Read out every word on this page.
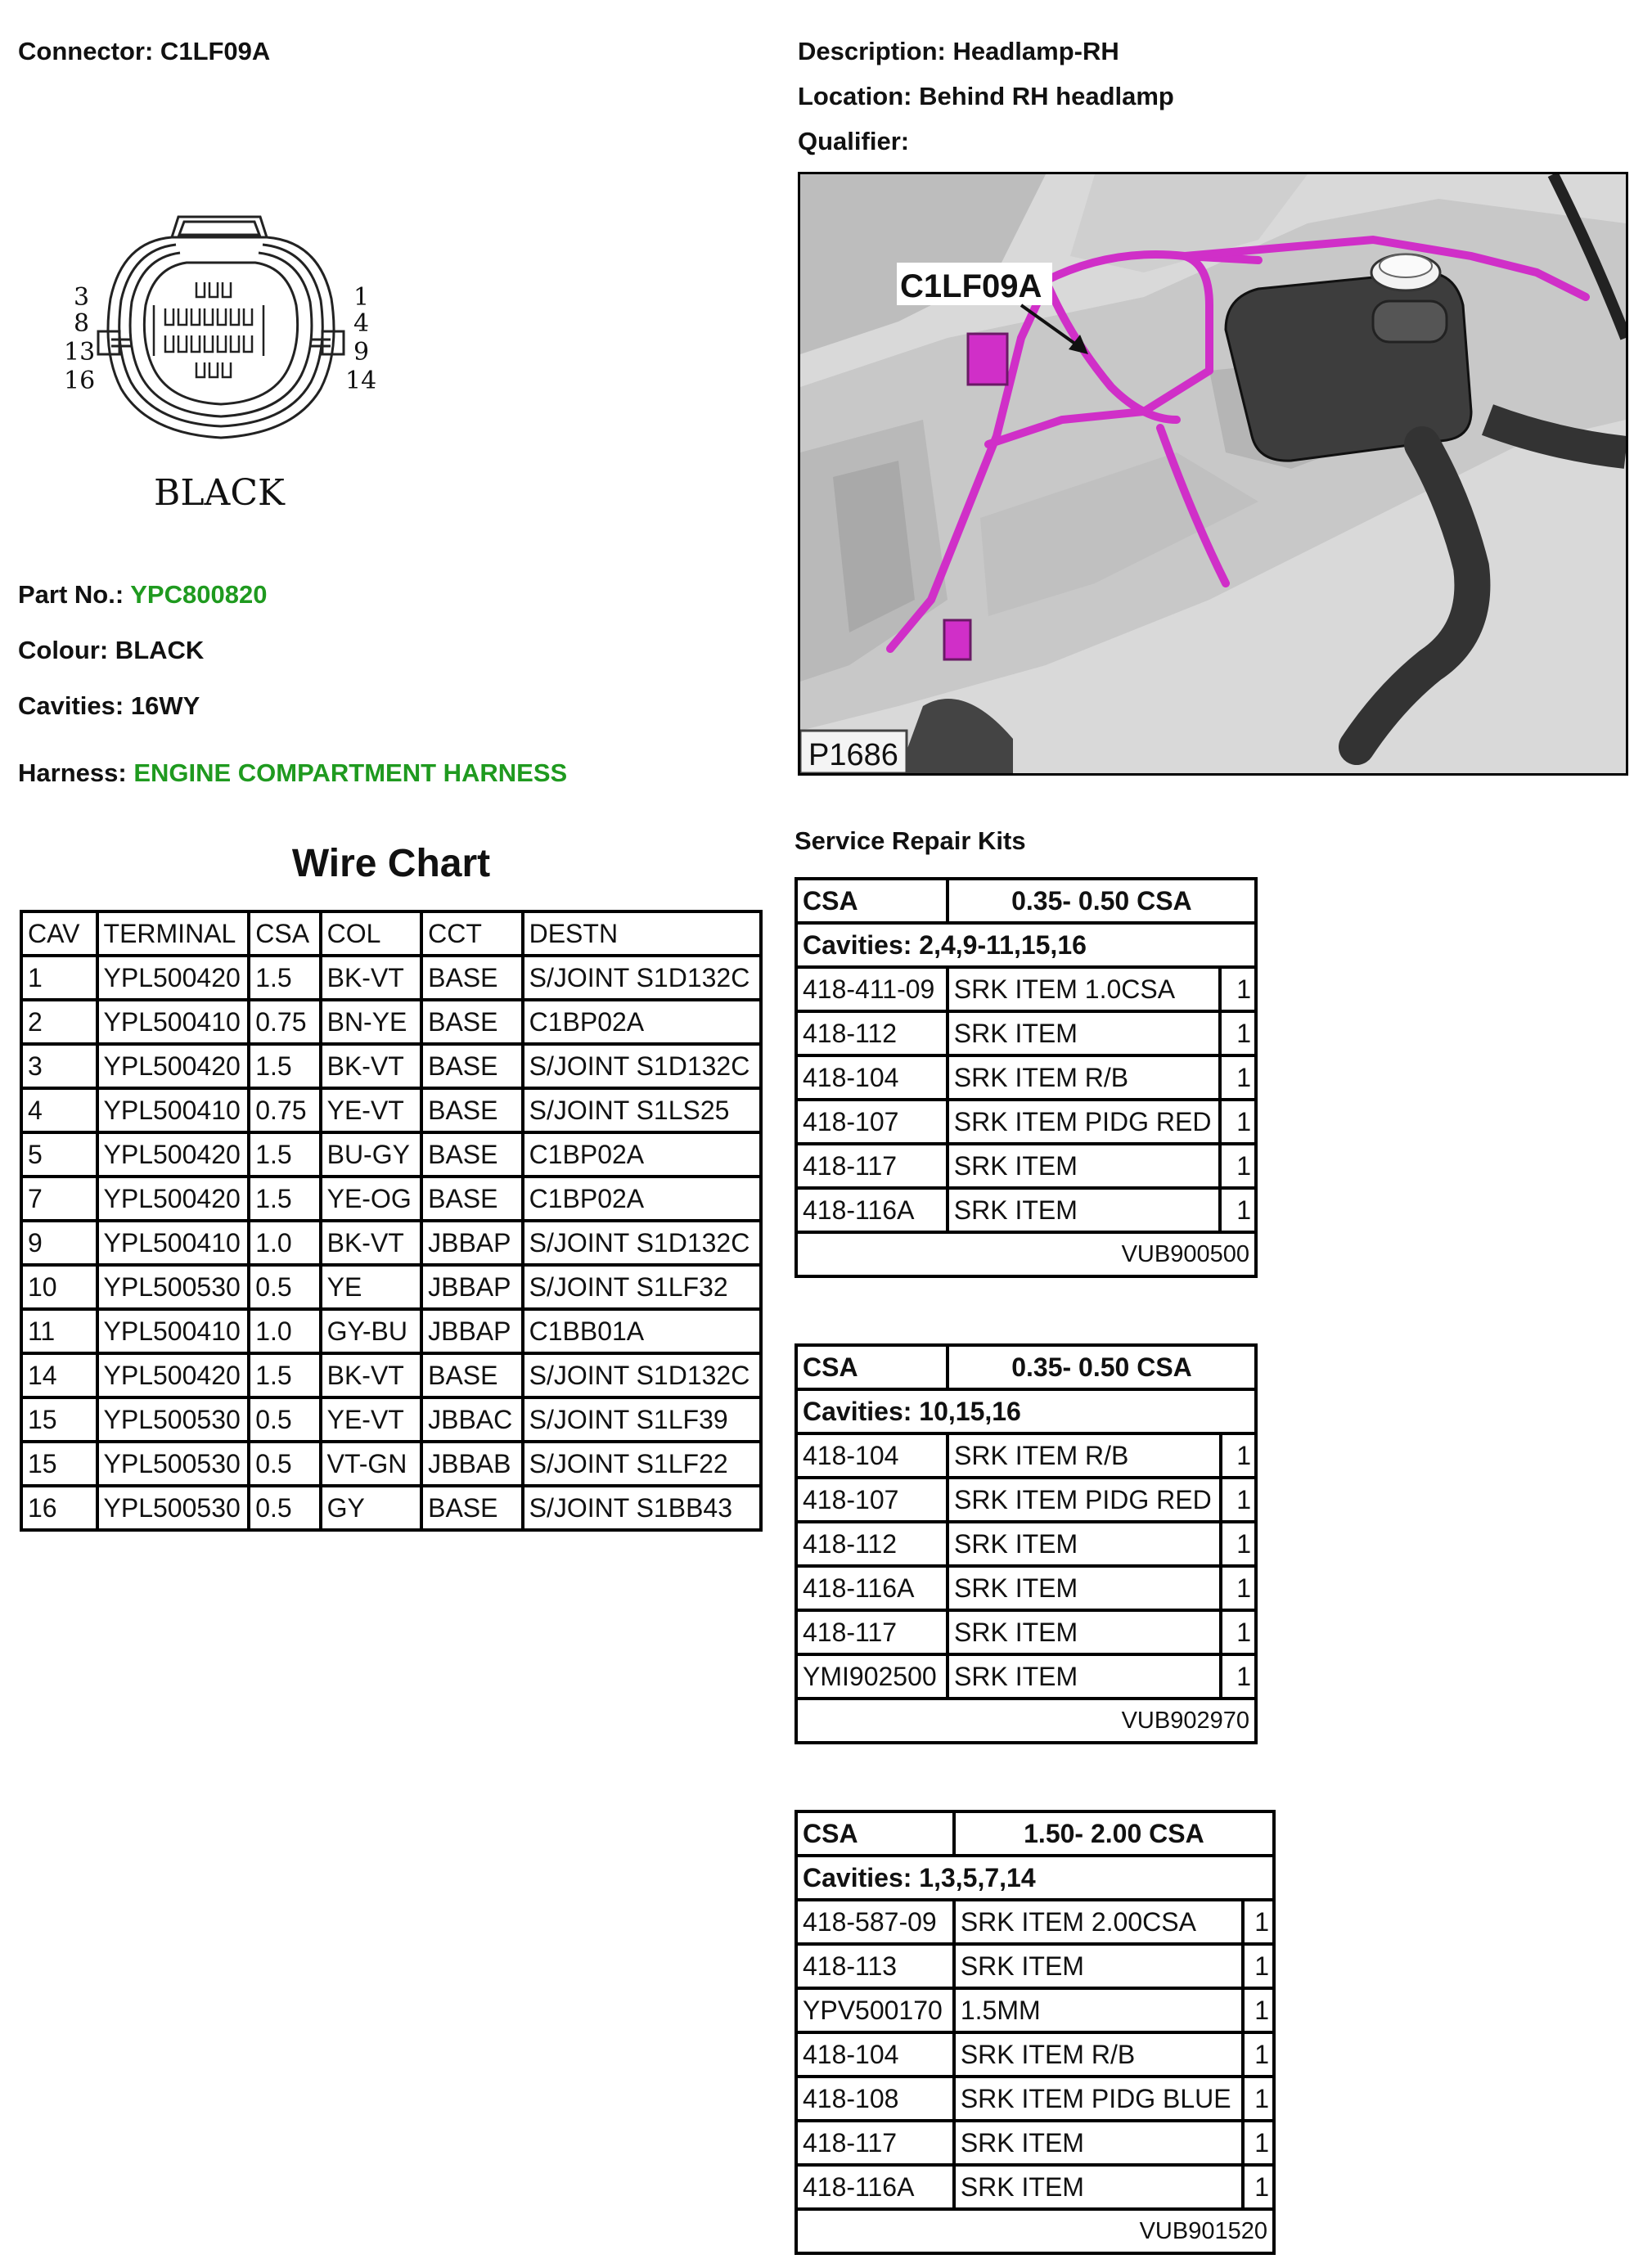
Connector: C1LF09A	Description: Headlamp-RH
Location: Behind RH headlamp
Qualifier:
3
8
13
16
1
4
9
14
BLACK
Part No.: YPC800820
Colour: BLACK
Cavities: 16WY
Harness: ENGINE COMPARTMENT HARNESS
C1LF09A
P1686
Wire Chart
CAV	TERMINAL	CSA	COL	CCT	DESTN
1	YPL500420	1.5	BK-VT	BASE	S/JOINT S1D132C
2	YPL500410	0.75	BN-YE	BASE	C1BP02A
3	YPL500420	1.5	BK-VT	BASE	S/JOINT S1D132C
4	YPL500410	0.75	YE-VT	BASE	S/JOINT S1LS25
5	YPL500420	1.5	BU-GY	BASE	C1BP02A
7	YPL500420	1.5	YE-OG	BASE	C1BP02A
9	YPL500410	1.0	BK-VT	JBBAP	S/JOINT S1D132C
10	YPL500530	0.5	YE	JBBAP	S/JOINT S1LF32
11	YPL500410	1.0	GY-BU	JBBAP	C1BB01A
14	YPL500420	1.5	BK-VT	BASE	S/JOINT S1D132C
15	YPL500530	0.5	YE-VT	JBBAC	S/JOINT S1LF39
15	YPL500530	0.5	VT-GN	JBBAB	S/JOINT S1LF22
16	YPL500530	0.5	GY	BASE	S/JOINT S1BB43
Service Repair Kits
CSA	0.35- 0.50 CSA	
Cavities: 2,4,9-11,15,16		
418-411-09	SRK ITEM 1.0CSA	1
418-112	SRK ITEM	1
418-104	SRK ITEM R/B	1
418-107	SRK ITEM PIDG RED	1
418-117	SRK ITEM	1
418-116A	SRK ITEM	1
VUB900500		
CSA	0.35- 0.50 CSA	
Cavities: 10,15,16		
418-104	SRK ITEM R/B	1
418-107	SRK ITEM PIDG RED	1
418-112	SRK ITEM	1
418-116A	SRK ITEM	1
418-117	SRK ITEM	1
YMI902500	SRK ITEM	1
VUB902970		
CSA	1.50- 2.00 CSA	
Cavities: 1,3,5,7,14		
418-587-09	SRK ITEM 2.00CSA	1
418-113	SRK ITEM	1
YPV500170	1.5MM	1
418-104	SRK ITEM R/B	1
418-108	SRK ITEM PIDG BLUE	1
418-117	SRK ITEM	1
418-116A	SRK ITEM	1
VUB901520		
